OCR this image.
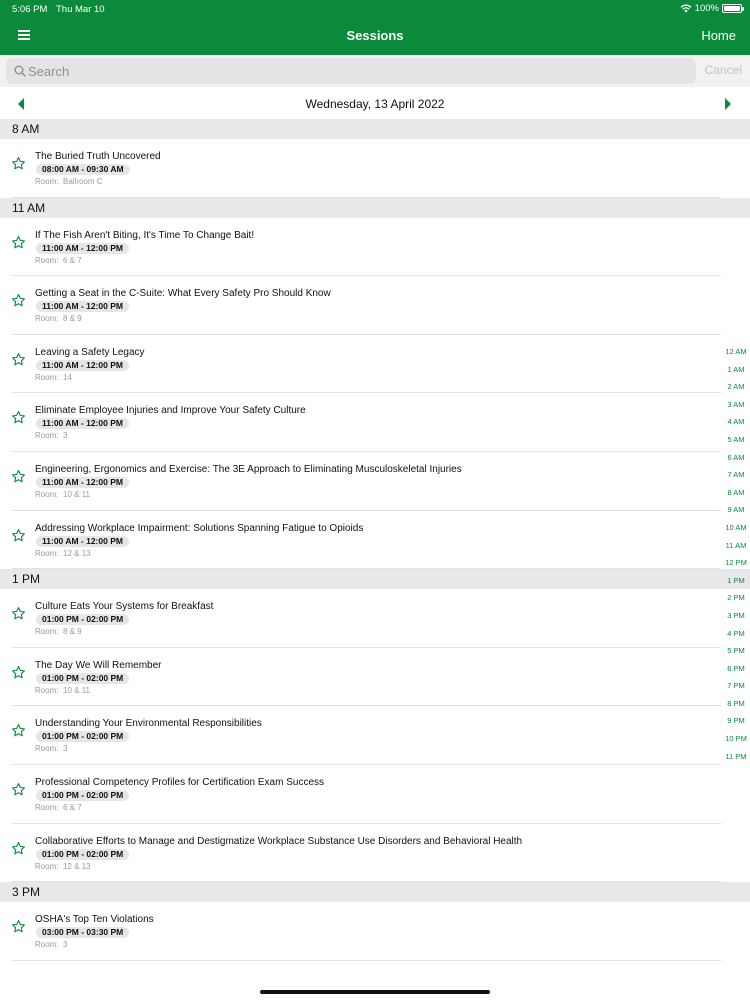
5:06 PM Thu Mar 10	100%
Sessions	Home
Search
Cancel
Wednesday, 13 April 2022
8 AM
The Buried Truth Uncovered
08:00 AM - 09:30 AM
Room: Ballroom C
11 AM
If The Fish Aren't Biting, It's Time To Change Bait!
11:00 AM - 12:00 PM
Room: 6 & 7
Getting a Seat in the C-Suite: What Every Safety Pro Should Know
11:00 AM - 12:00 PM
Room: 8 & 9
Leaving a Safety Legacy
11:00 AM - 12:00 PM
Room: 14
Eliminate Employee Injuries and Improve Your Safety Culture
11:00 AM - 12:00 PM
Room: 3
Engineering, Ergonomics and Exercise: The 3E Approach to Eliminating Musculoskeletal Injuries
11:00 AM - 12:00 PM
Room: 10 & 11
Addressing Workplace Impairment: Solutions Spanning Fatigue to Opioids
11:00 AM - 12:00 PM
Room: 12 & 13
1 PM
Culture Eats Your Systems for Breakfast
01:00 PM - 02:00 PM
Room: 8 & 9
The Day We Will Remember
01:00 PM - 02:00 PM
Room: 10 & 11
Understanding Your Environmental Responsibilities
01:00 PM - 02:00 PM
Room: 3
Professional Competency Profiles for Certification Exam Success
01:00 PM - 02:00 PM
Room: 6 & 7
Collaborative Efforts to Manage and Destigmatize Workplace Substance Use Disorders and Behavioral Health
01:00 PM - 02:00 PM
Room: 12 & 13
3 PM
OSHA's Top Ten Violations
03:00 PM - 03:30 PM
Room: 3
12 AM
1 AM
2 AM
3 AM
4 AM
5 AM
6 AM
7 AM
8 AM
9 AM
10 AM
11 AM
12 PM
1 PM
2 PM
3 PM
4 PM
5 PM
6 PM
7 PM
8 PM
9 PM
10 PM
11 PM
